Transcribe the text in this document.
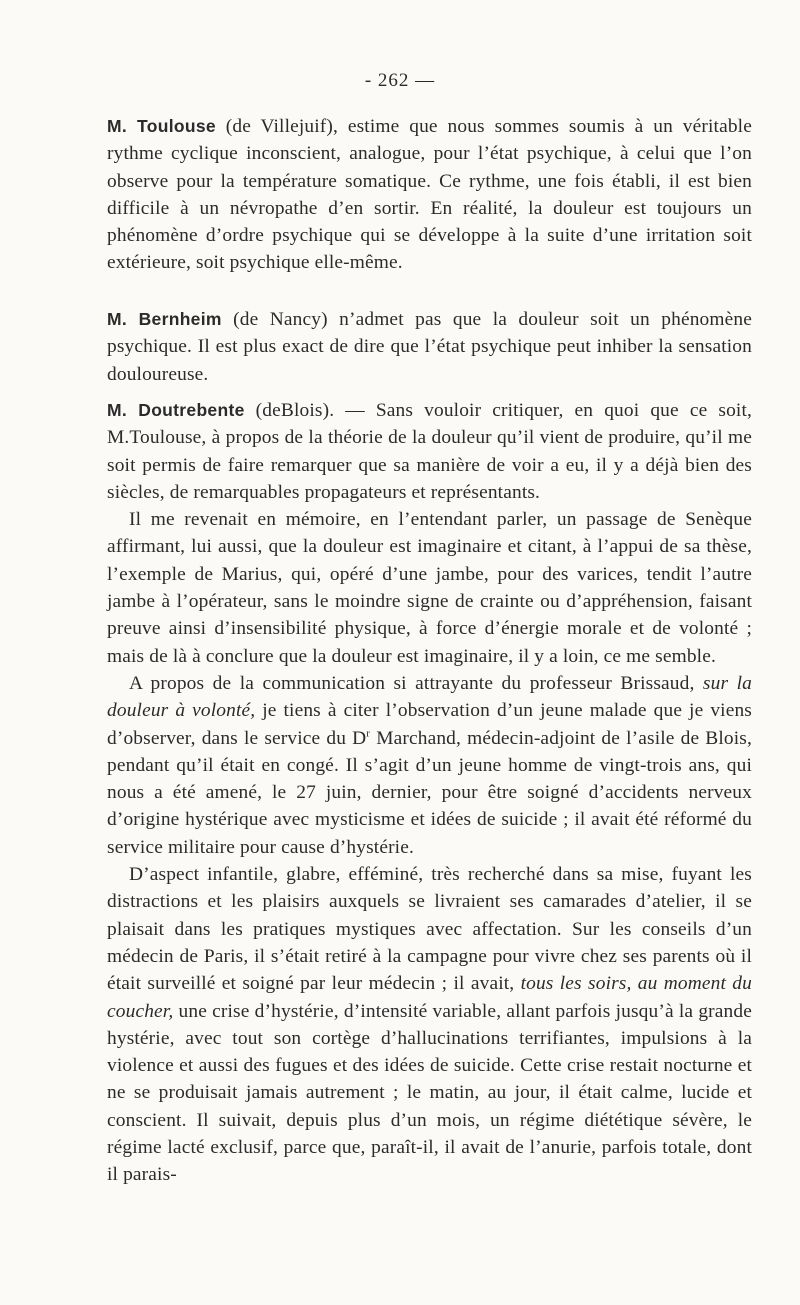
- 262 —

M. Toulouse (de Villejuif), estime que nous sommes soumis à un véritable rythme cyclique inconscient, analogue, pour l’état psychique, à celui que l’on observe pour la température somatique. Ce rythme, une fois établi, il est bien difficile à un névropathe d’en sortir. En réalité, la douleur est toujours un phénomène d’ordre psychique qui se développe à la suite d’une irritation soit extérieure, soit psychique elle-même.

M. Bernheim (de Nancy) n’admet pas que la douleur soit un phénomène psychique. Il est plus exact de dire que l’état psychique peut inhiber la sensation douloureuse.

M. Doutrebente (deBlois). — Sans vouloir critiquer, en quoi que ce soit, M.Toulouse, à propos de la théorie de la douleur qu’il vient de produire, qu’il me soit permis de faire remarquer que sa manière de voir a eu, il y a déjà bien des siècles, de remarquables propagateurs et représentants.

Il me revenait en mémoire, en l’entendant parler, un passage de Senèque affirmant, lui aussi, que la douleur est imaginaire et citant, à l’appui de sa thèse, l’exemple de Marius, qui, opéré d’une jambe, pour des varices, tendit l’autre jambe à l’opérateur, sans le moindre signe de crainte ou d’appréhension, faisant preuve ainsi d’insensibilité physique, à force d’énergie morale et de volonté ; mais de là à conclure que la douleur est imaginaire, il y a loin, ce me semble.

A propos de la communication si attrayante du professeur Brissaud, sur la douleur à volonté, je tiens à citer l’observation d’un jeune malade que je viens d’observer, dans le service du $D^r$ Marchand, médecin-adjoint de l’asile de Blois, pendant qu’il était en congé. Il s’agit d’un jeune homme de vingt-trois ans, qui nous a été amené, le 27 juin, dernier, pour être soigné d’accidents nerveux d’origine hystérique avec mysticisme et idées de suicide ; il avait été réformé du service militaire pour cause d’hystérie.

D’aspect infantile, glabre, efféminé, très recherché dans sa mise, fuyant les distractions et les plaisirs auxquels se livraient ses camarades d’atelier, il se plaisait dans les pratiques mystiques avec affectation. Sur les conseils d’un médecin de Paris, il s’était retiré à la campagne pour vivre chez ses parents où il était surveillé et soigné par leur médecin ; il avait, tous les soirs, au moment du coucher, une crise d’hystérie, d’intensité variable, allant parfois jusqu’à la grande hystérie, avec tout son cortège d’hallucinations terrifiantes, impulsions à la violence et aussi des fugues et des idées de suicide. Cette crise restait nocturne et ne se produisait jamais autrement ; le matin, au jour, il était calme, lucide et conscient. Il suivait, depuis plus d’un mois, un régime diététique sévère, le régime lacté exclusif, parce que, paraît-il, il avait de l’anurie, parfois totale, dont il parais-
